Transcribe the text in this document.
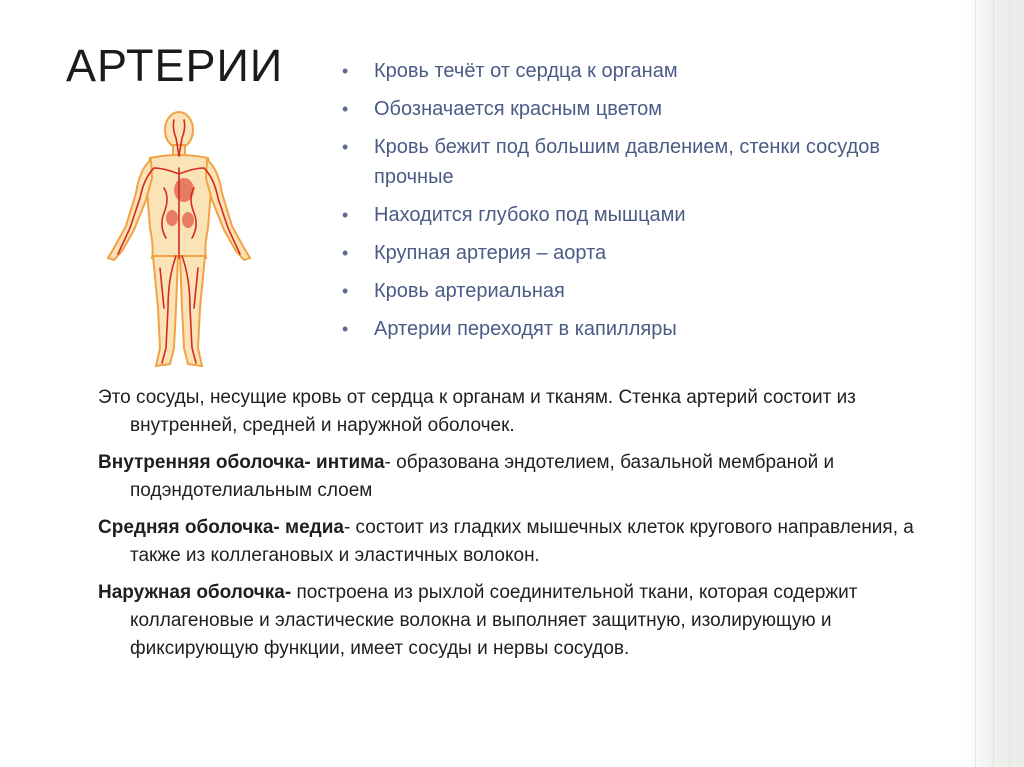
АРТЕРИИ	• Кровь течёт от сердца к органам
• Обозначается красным цветом
• Кровь бежит под большим давлением, стенки сосудов прочные
• Находится глубоко под мышцами
• Крупная артерия – аорта
• Кровь артериальная
• Артерии переходят в капилляры

Это сосуды, несущие кровь от сердца к органам и тканям. Стенка артерий состоит из внутренней, средней и наружной оболочек.

Внутренняя оболочка- интима- образована эндотелием, базальной мембраной и подэндотелиальным слоем

Средняя оболочка- медиа- состоит из гладких мышечных клеток кругового направления, а также из коллегановых и эластичных волокон.

Наружная оболочка- построена из рыхлой соединительной ткани, которая содержит коллагеновые и эластические волокна и выполняет защитную, изолирующую и фиксирующую функции, имеет сосуды и нервы сосудов.
